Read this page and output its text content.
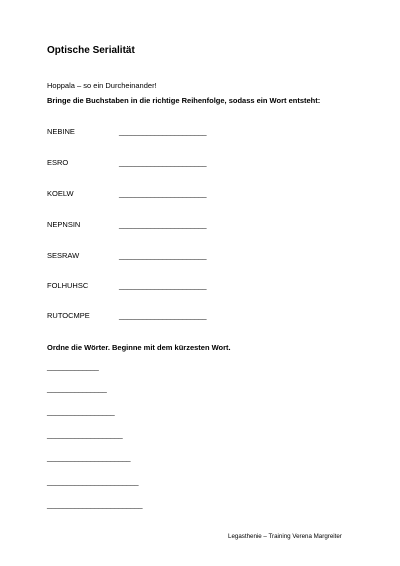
Optische Serialität
Hoppala – so ein Durcheinander!
Bringe die Buchstaben in die richtige Reihenfolge, sodass ein Wort entsteht:
NEBINE	______________________
ESRO	______________________
KOELW	______________________
NEPNSIN	______________________
SESRAW	______________________
FOLHUHSC	______________________
RUTOCMPE	______________________
Ordne die Wörter. Beginne mit dem kürzesten Wort.
_____________
_______________
_________________
___________________
_____________________
_______________________
________________________
Legasthenie – Training Verena Margreiter
